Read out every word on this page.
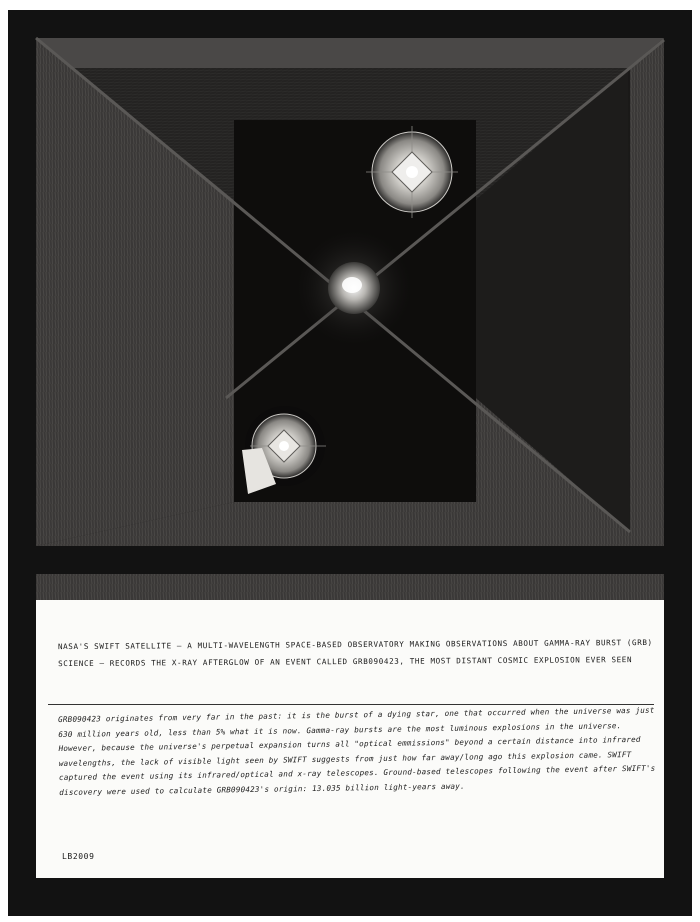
NASA'S SWIFT SATELLITE — A MULTI-WAVELENGTH SPACE-BASED OBSERVATORY MAKING OBSERVATIONS ABOUT GAMMA-RAY BURST (GRB) SCIENCE — RECORDS THE X-RAY AFTERGLOW OF AN EVENT CALLED GRB090423, THE MOST DISTANT COSMIC EXPLOSION EVER SEEN
GRB090423 originates from very far in the past: it is the burst of a dying star, one that occurred when the universe was just 630 million years old, less than 5% what it is now. Gamma-ray bursts are the most luminous explosions in the universe. However, because the universe's perpetual expansion turns all "optical emmissions" beyond a certain distance into infrared wavelengths, the lack of visible light seen by SWIFT suggests from just how far away/long ago this explosion came. SWIFT captured the event using its infrared/optical and x-ray telescopes. Ground-based telescopes following the event after SWIFT's discovery were used to calculate GRB090423's origin: 13.035 billion light-years away.
LB2009
